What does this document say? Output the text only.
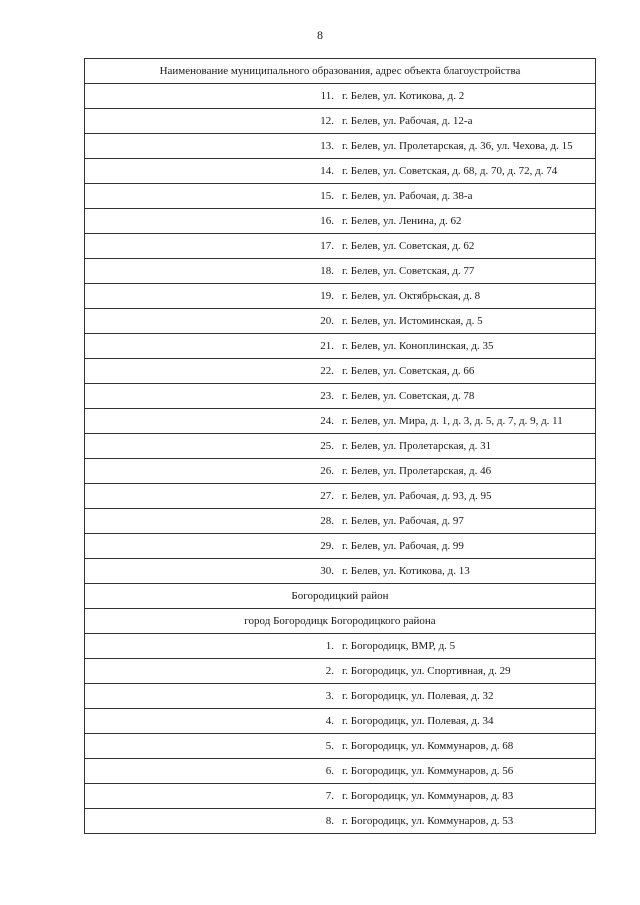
8
Наименование муниципального образования, адрес объекта благоустройства	
11.	г. Белев, ул. Котикова, д. 2
12.	г. Белев, ул. Рабочая, д. 12-а
13.	г. Белев, ул. Пролетарская, д. 36, ул. Чехова, д. 15
14.	г. Белев, ул. Советская, д. 68, д. 70, д. 72, д. 74
15.	г. Белев, ул. Рабочая, д. 38-а
16.	г. Белев, ул. Ленина, д. 62
17.	г. Белев, ул. Советская, д. 62
18.	г. Белев, ул. Советская, д. 77
19.	г. Белев, ул. Октябрьская, д. 8
20.	г. Белев, ул. Истоминская, д. 5
21.	г. Белев, ул. Коноплинская, д. 35
22.	г. Белев, ул. Советская, д. 66
23.	г. Белев, ул. Советская, д. 78
24.	г. Белев, ул. Мира, д. 1, д. 3, д. 5, д. 7, д. 9, д. 11
25.	г. Белев, ул. Пролетарская, д. 31
26.	г. Белев, ул. Пролетарская, д. 46
27.	г. Белев, ул. Рабочая, д. 93, д. 95
28.	г. Белев, ул. Рабочая, д. 97
29.	г. Белев, ул. Рабочая, д. 99
30.	г. Белев, ул. Котикова, д. 13
Богородицкий район	
город Богородицк Богородицкого района	
1.	г. Богородицк, ВМР, д. 5
2.	г. Богородицк, ул. Спортивная, д. 29
3.	г. Богородицк, ул. Полевая, д. 32
4.	г. Богородицк, ул. Полевая, д. 34
5.	г. Богородицк, ул. Коммунаров, д. 68
6.	г. Богородицк, ул. Коммунаров, д. 56
7.	г. Богородицк, ул. Коммунаров, д. 83
8.	г. Богородицк, ул. Коммунаров, д. 53
